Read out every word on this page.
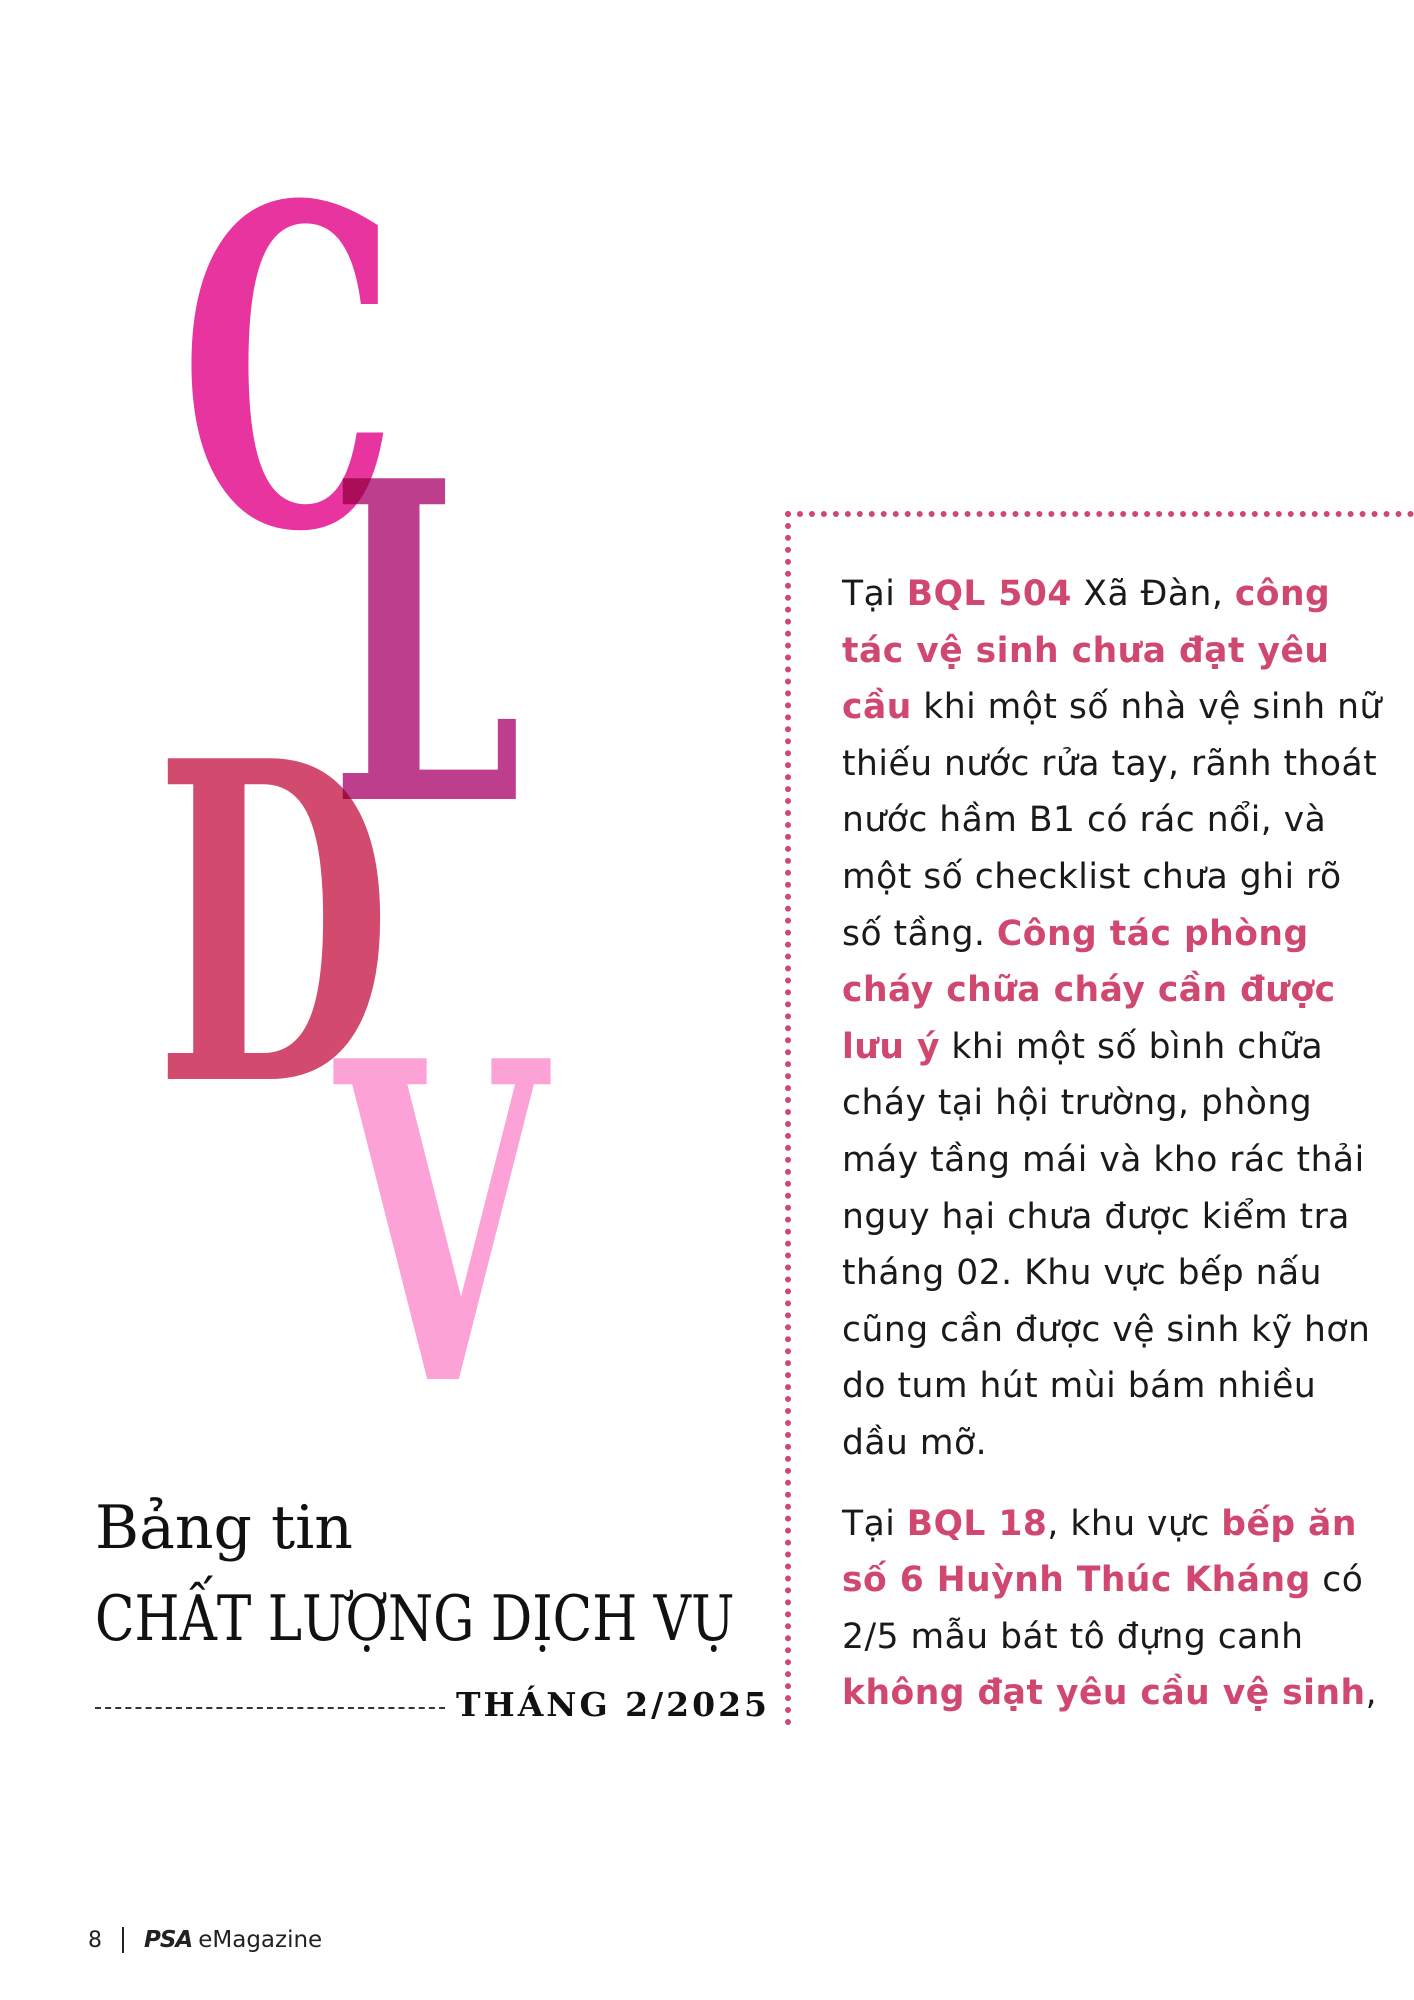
C
L
D
V
Bảng tin
CHẤT LƯỢNG DỊCH VỤ
THÁNG 2/2025

Tại BQL 504 Xã Đàn, công tác vệ sinh chưa đạt yêu cầu khi một số nhà vệ sinh nữ thiếu nước rửa tay, rãnh thoát nước hầm B1 có rác nổi, và một số checklist chưa ghi rõ số tầng. Công tác phòng cháy chữa cháy cần được lưu ý khi một số bình chữa cháy tại hội trường, phòng máy tầng mái và kho rác thải nguy hại chưa được kiểm tra tháng 02. Khu vực bếp nấu cũng cần được vệ sinh kỹ hơn do tum hút mùi bám nhiều dầu mỡ.

Tại BQL 18, khu vực bếp ăn số 6 Huỳnh Thúc Kháng có 2/5 mẫu bát tô đựng canh không đạt yêu cầu vệ sinh,

8 PSA eMagazine
